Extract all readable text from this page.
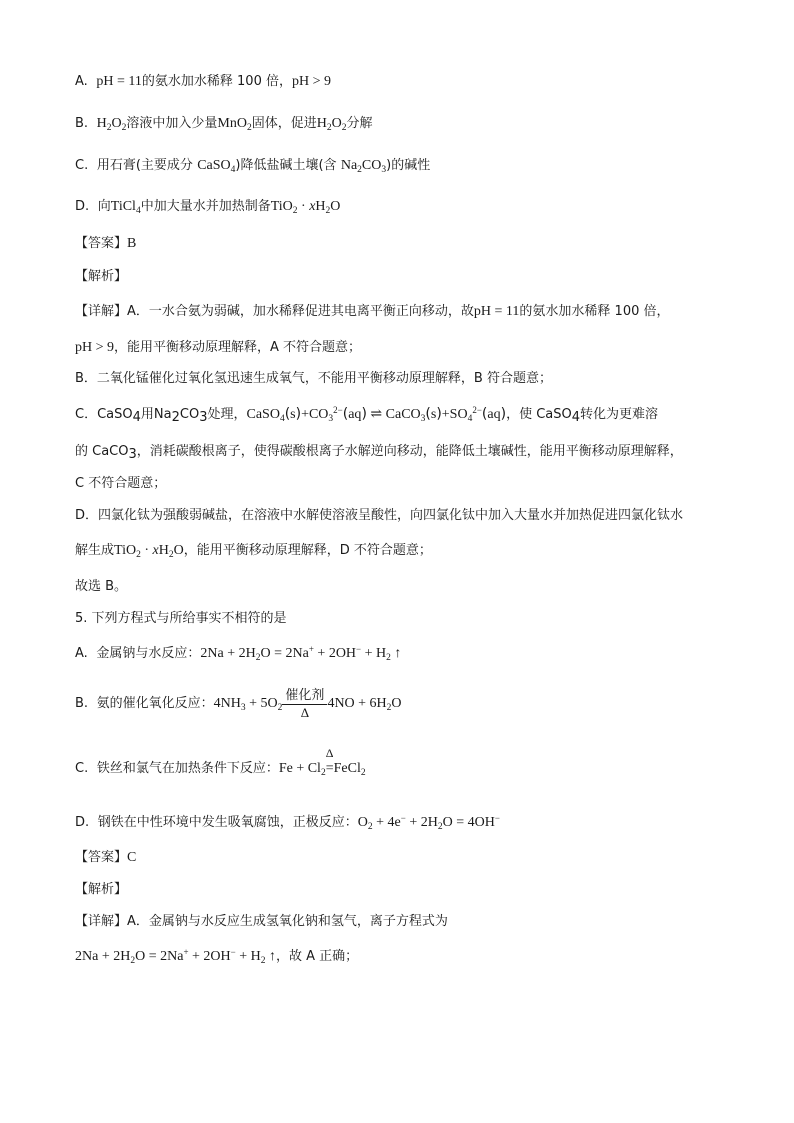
A. pH = 11的氨水加水稀释 100 倍，pH > 9
B. $H_2O_2$溶液中加入少量MnO$_2$固体，促进$H_2O_2$分解
C. 用石膏(主要成分 CaSO$_4$)降低盐碱土壤(含 $Na_2CO_3$)的碱性
D. 向TiCl$_4$中加大量水并加热制备$TiO_2 \cdot xH_2O$
【答案】B
【解析】
【详解】A．一水合氨为弱碱，加水稀释促进其电离平衡正向移动，故pH = 11的氨水加水稀释 100 倍，
pH > 9，能用平衡移动原理解释，A 不符合题意；
B．二氧化锰催化过氧化氢迅速生成氧气，不能用平衡移动原理解释，B 符合题意；
C．CaSO$_4$用$Na_2CO_3$处理，$CaSO_4(s)+CO_3^{2-}(aq)$ ⇌ $CaCO_3(s)+SO_4^{2-}(aq)$，使 CaSO$_4$转化为更难溶
的 CaCO$_3$，消耗碳酸根离子，使得碳酸根离子水解逆向移动，能降低土壤碱性，能用平衡移动原理解释，
C 不符合题意；
D．四氯化钛为强酸弱碱盐，在溶液中水解使溶液呈酸性，向四氯化钛中加入大量水并加热促进四氯化钛水
解生成$TiO_2 \cdot xH_2O$，能用平衡移动原理解释，D 不符合题意；
故选 B。
5. 下列方程式与所给事实不相符的是
A. 金属钠与水反应：$2Na + 2H_2O = 2Na^+ + 2OH^- + H_2$ ↑
B. 氨的催化氧化反应：$4NH_3 + 5O_2$
催化剂
Δ
$4NO + 6H_2O$
C. 铁丝和氯气在加热条件下反应：$Fe + Cl_2$
Δ
=FeCl$_2$
D. 钢铁在中性环境中发生吸氧腐蚀，正极反应：$O_2 + 4e^- + 2H_2O = 4OH^-$
【答案】C
【解析】
【详解】A．金属钠与水反应生成氢氧化钠和氢气，离子方程式为
$2Na + 2H_2O = 2Na^+ + 2OH^- + H_2$ ↑，故 A 正确；
